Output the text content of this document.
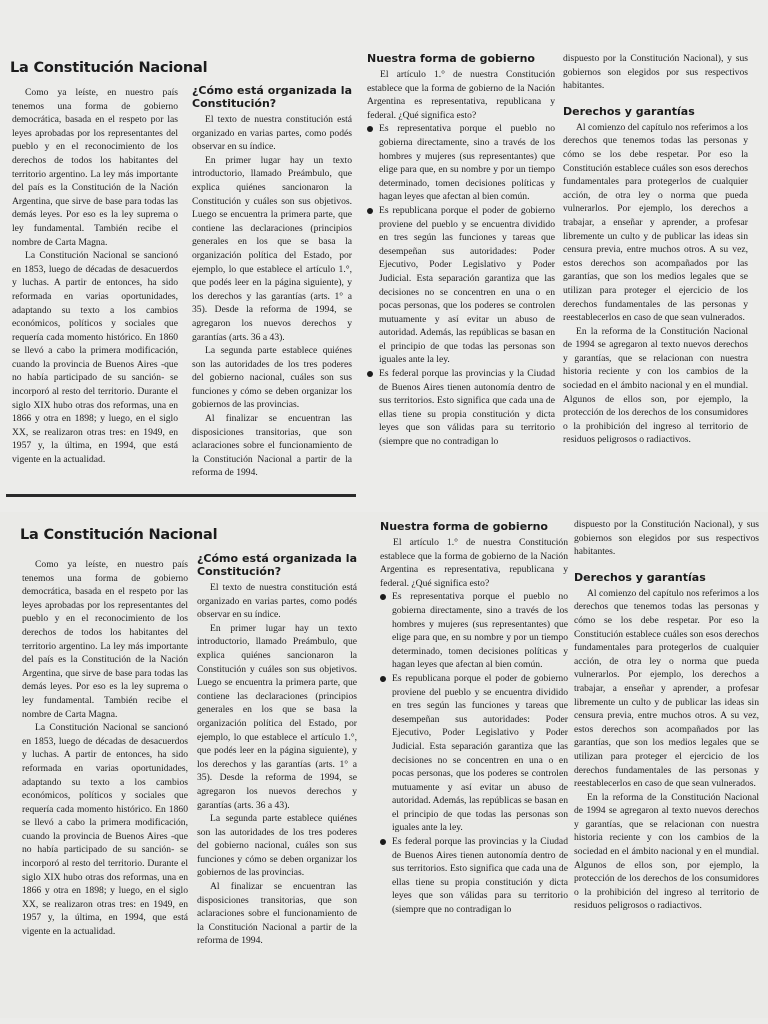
La Constitución Nacional

Como ya leíste, en nuestro país tenemos una forma de gobierno democrática, basada en el respeto por las leyes aprobadas por los representantes del pueblo y en el reconocimiento de los derechos de todos los habitantes del territorio argentino. La ley más importante del país es la Constitución de la Nación Argentina, que sirve de base para todas las demás leyes. Por eso es la ley suprema o ley fundamental. También recibe el nombre de Carta Magna.

La Constitución Nacional se sancionó en 1853, luego de décadas de desacuerdos y luchas. A partir de entonces, ha sido reformada en varias oportunidades, adaptando su texto a los cambios económicos, políticos y sociales que requería cada momento histórico. En 1860 se llevó a cabo la primera modificación, cuando la provincia de Buenos Aires -que no había participado de su sanción- se incorporó al resto del territorio. Durante el siglo XIX hubo otras dos reformas, una en 1866 y otra en 1898; y luego, en el siglo XX, se realizaron otras tres: en 1949, en 1957 y, la última, en 1994, que está vigente en la actualidad.

¿Cómo está organizada la Constitución?

El texto de nuestra constitución está organizado en varias partes, como podés observar en su índice.

En primer lugar hay un texto introductorio, llamado Preámbulo, que explica quiénes sancionaron la Constitución y cuáles son sus objetivos. Luego se encuentra la primera parte, que contiene las declaraciones (principios generales en los que se basa la organización política del Estado, por ejemplo, lo que establece el artículo 1.°, que podés leer en la página siguiente), y los derechos y las garantías (arts. 1° a 35). Desde la reforma de 1994, se agregaron los nuevos derechos y garantías (arts. 36 a 43).

La segunda parte establece quiénes son las autoridades de los tres poderes del gobierno nacional, cuáles son sus funciones y cómo se deben organizar los gobiernos de las provincias.

Al finalizar se encuentran las disposiciones transitorias, que son aclaraciones sobre el funcionamiento de la Constitución Nacional a partir de la reforma de 1994.

Nuestra forma de gobierno

El artículo 1.° de nuestra Constitución establece que la forma de gobierno de la Nación Argentina es representativa, republicana y federal. ¿Qué significa esto?

Es representativa porque el pueblo no gobierna directamente, sino a través de los hombres y mujeres (sus representantes) que elige para que, en su nombre y por un tiempo determinado, tomen decisiones políticas y hagan leyes que afectan al bien común.
Es republicana porque el poder de gobierno proviene del pueblo y se encuentra dividido en tres según las funciones y tareas que desempeñan sus autoridades: Poder Ejecutivo, Poder Legislativo y Poder Judicial. Esta separación garantiza que las decisiones no se concentren en una o en pocas personas, que los poderes se controlen mutuamente y así evitar un abuso de autoridad. Además, las repúblicas se basan en el principio de que todas las personas son iguales ante la ley.
Es federal porque las provincias y la Ciudad de Buenos Aires tienen autonomía dentro de sus territorios. Esto significa que cada una de ellas tiene su propia constitución y dicta leyes que son válidas para su territorio (siempre que no contradigan lo

dispuesto por la Constitución Nacional), y sus gobiernos son elegidos por sus respectivos habitantes.

Derechos y garantías

Al comienzo del capítulo nos referimos a los derechos que tenemos todas las personas y cómo se los debe respetar. Por eso la Constitución establece cuáles son esos derechos fundamentales para protegerlos de cualquier acción, de otra ley o norma que pueda vulnerarlos. Por ejemplo, los derechos a trabajar, a enseñar y aprender, a profesar libremente un culto y de publicar las ideas sin censura previa, entre muchos otros. A su vez, estos derechos son acompañados por las garantías, que son los medios legales que se utilizan para proteger el ejercicio de los derechos fundamentales de las personas y reestablecerlos en caso de que sean vulnerados.

En la reforma de la Constitución Nacional de 1994 se agregaron al texto nuevos derechos y garantías, que se relacionan con nuestra historia reciente y con los cambios de la sociedad en el ámbito nacional y en el mundial. Algunos de ellos son, por ejemplo, la protección de los derechos de los consumidores o la prohibición del ingreso al territorio de residuos peligrosos o radiactivos.

La Constitución Nacional

Como ya leíste, en nuestro país tenemos una forma de gobierno democrática, basada en el respeto por las leyes aprobadas por los representantes del pueblo y en el reconocimiento de los derechos de todos los habitantes del territorio argentino. La ley más importante del país es la Constitución de la Nación Argentina, que sirve de base para todas las demás leyes. Por eso es la ley suprema o ley fundamental. También recibe el nombre de Carta Magna.

La Constitución Nacional se sancionó en 1853, luego de décadas de desacuerdos y luchas. A partir de entonces, ha sido reformada en varias oportunidades, adaptando su texto a los cambios económicos, políticos y sociales que requería cada momento histórico. En 1860 se llevó a cabo la primera modificación, cuando la provincia de Buenos Aires -que no había participado de su sanción- se incorporó al resto del territorio. Durante el siglo XIX hubo otras dos reformas, una en 1866 y otra en 1898; y luego, en el siglo XX, se realizaron otras tres: en 1949, en 1957 y, la última, en 1994, que está vigente en la actualidad.

¿Cómo está organizada la Constitución?

El texto de nuestra constitución está organizado en varias partes, como podés observar en su índice.

En primer lugar hay un texto introductorio, llamado Preámbulo, que explica quiénes sancionaron la Constitución y cuáles son sus objetivos. Luego se encuentra la primera parte, que contiene las declaraciones (principios generales en los que se basa la organización política del Estado, por ejemplo, lo que establece el artículo 1.°, que podés leer en la página siguiente), y los derechos y las garantías (arts. 1° a 35). Desde la reforma de 1994, se agregaron los nuevos derechos y garantías (arts. 36 a 43).

La segunda parte establece quiénes son las autoridades de los tres poderes del gobierno nacional, cuáles son sus funciones y cómo se deben organizar los gobiernos de las provincias.

Al finalizar se encuentran las disposiciones transitorias, que son aclaraciones sobre el funcionamiento de la Constitución Nacional a partir de la reforma de 1994.

Nuestra forma de gobierno

El artículo 1.° de nuestra Constitución establece que la forma de gobierno de la Nación Argentina es representativa, republicana y federal. ¿Qué significa esto?

Es representativa porque el pueblo no gobierna directamente, sino a través de los hombres y mujeres (sus representantes) que elige para que, en su nombre y por un tiempo determinado, tomen decisiones políticas y hagan leyes que afectan al bien común.
Es republicana porque el poder de gobierno proviene del pueblo y se encuentra dividido en tres según las funciones y tareas que desempeñan sus autoridades: Poder Ejecutivo, Poder Legislativo y Poder Judicial. Esta separación garantiza que las decisiones no se concentren en una o en pocas personas, que los poderes se controlen mutuamente y así evitar un abuso de autoridad. Además, las repúblicas se basan en el principio de que todas las personas son iguales ante la ley.
Es federal porque las provincias y la Ciudad de Buenos Aires tienen autonomía dentro de sus territorios. Esto significa que cada una de ellas tiene su propia constitución y dicta leyes que son válidas para su territorio (siempre que no contradigan lo

dispuesto por la Constitución Nacional), y sus gobiernos son elegidos por sus respectivos habitantes.

Derechos y garantías

Al comienzo del capítulo nos referimos a los derechos que tenemos todas las personas y cómo se los debe respetar. Por eso la Constitución establece cuáles son esos derechos fundamentales para protegerlos de cualquier acción, de otra ley o norma que pueda vulnerarlos. Por ejemplo, los derechos a trabajar, a enseñar y aprender, a profesar libremente un culto y de publicar las ideas sin censura previa, entre muchos otros. A su vez, estos derechos son acompañados por las garantías, que son los medios legales que se utilizan para proteger el ejercicio de los derechos fundamentales de las personas y reestablecerlos en caso de que sean vulnerados.

En la reforma de la Constitución Nacional de 1994 se agregaron al texto nuevos derechos y garantías, que se relacionan con nuestra historia reciente y con los cambios de la sociedad en el ámbito nacional y en el mundial. Algunos de ellos son, por ejemplo, la protección de los derechos de los consumidores o la prohibición del ingreso al territorio de residuos peligrosos o radiactivos.
